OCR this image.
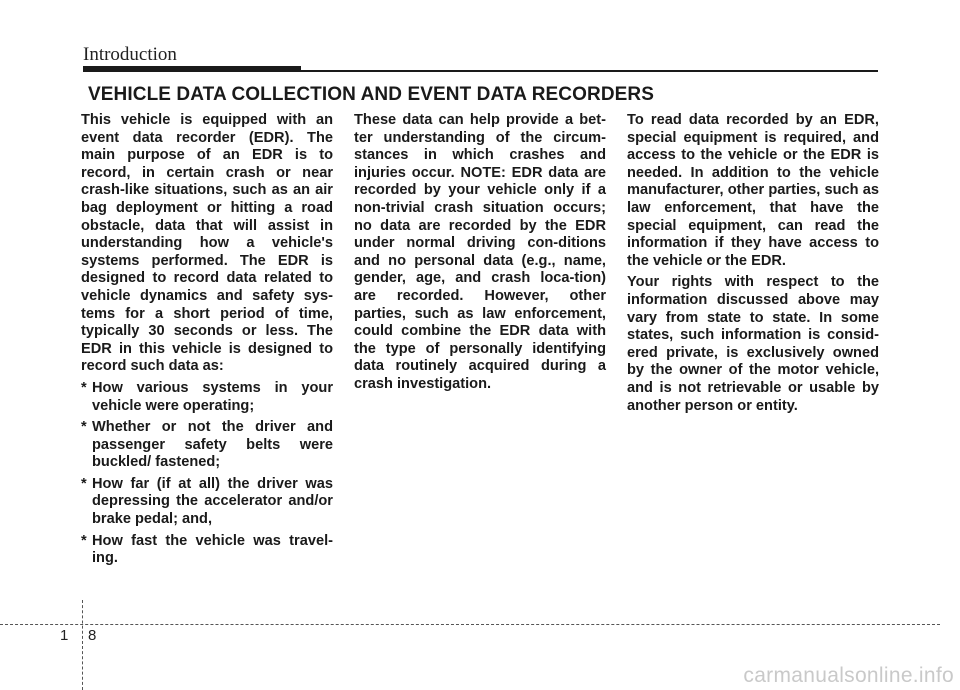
Introduction
VEHICLE DATA COLLECTION AND EVENT DATA RECORDERS

This vehicle is equipped with an event data recorder (EDR). The main purpose of an EDR is to record, in certain crash or near crash-like situations, such as an air bag deployment or hitting a road obstacle, data that will assist in understanding how a vehicle's systems performed. The EDR is designed to record data related to vehicle dynamics and safety sys-tems for a short period of time, typically 30 seconds or less. The EDR in this vehicle is designed to record such data as:

* How various systems in your vehicle were operating;
* Whether or not the driver and passenger safety belts were buckled/ fastened;
* How far (if at all) the driver was depressing the accelerator and/or brake pedal; and,
* How fast the vehicle was travel-ing.

These data can help provide a bet-ter understanding of the circum-stances in which crashes and injuries occur. NOTE: EDR data are recorded by your vehicle only if a non-trivial crash situation occurs; no data are recorded by the EDR under normal driving con-ditions and no personal data (e.g., name, gender, age, and crash loca-tion) are recorded. However, other parties, such as law enforcement, could combine the EDR data with the type of personally identifying data routinely acquired during a crash investigation.

To read data recorded by an EDR, special equipment is required, and access to the vehicle or the EDR is needed. In addition to the vehicle manufacturer, other parties, such as law enforcement, that have the special equipment, can read the information if they have access to the vehicle or the EDR.

Your rights with respect to the information discussed above may vary from state to state. In some states, such information is consid-ered private, is exclusively owned by the owner of the motor vehicle, and is not retrievable or usable by another person or entity.

1 8
carmanualsonline.info
